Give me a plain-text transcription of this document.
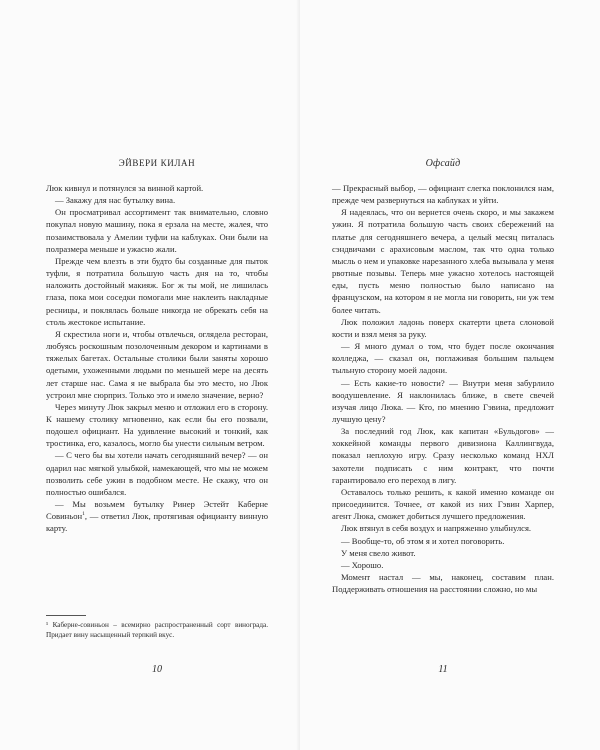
ЭЙВЕРИ КИЛАН

Люк кивнул и потянулся за винной картой.

— Закажу для нас бутылку вина.

Он просматривал ассортимент так внимательно, словно покупал новую машину, пока я ерзала на месте, жалея, что позаимствовала у Амелии туфли на каблуках. Они были на полразмера меньше и ужасно жали.

Прежде чем влезть в эти будто бы созданные для пыток туфли, я потратила большую часть дня на то, чтобы наложить достойный макияж. Бог ж ты мой, не лишилась глаза, пока мои соседки помогали мне наклеить накладные ресницы, и поклялась больше никогда не обрекать себя на столь жестокое испытание.

Я скрестила ноги и, чтобы отвлечься, оглядела ресторан, любуясь роскошным позолоченным декором и картинами в тяжелых багетах. Остальные столики были заняты хорошо одетыми, ухоженными людьми по меньшей мере на десять лет старше нас. Сама я не выбрала бы это место, но Люк устроил мне сюрприз. Только это и имело значение, верно?

Через минуту Люк закрыл меню и отложил его в сторону. К нашему столику мгновенно, как если бы его позвали, подошел официант. На удивление высокий и тонкий, как тростинка, его, казалось, могло бы унести сильным ветром.

— С чего бы вы хотели начать сегодняшний вечер? — он одарил нас мягкой улыбкой, намекающей, что мы не можем позволить себе ужин в подобном месте. Не скажу, что он полностью ошибался.

— Мы возьмем бутылку Ринер Эстейт Каберне Совиньон$^1$, — ответил Люк, протягивая официанту винную карту.

¹ Каберне-совиньон – всемирно распространенный сорт винограда. Придает вину насыщенный терпкий вкус.

10
Офсайд

— Прекрасный выбор, — официант слегка поклонился нам, прежде чем развернуться на каблуках и уйти.

Я надеялась, что он вернется очень скоро, и мы закажем ужин. Я потратила большую часть своих сбережений на платье для сегодняшнего вечера, а целый месяц питалась сэндвичами с арахисовым маслом, так что одна только мысль о нем и упаковке нарезанного хлеба вызывала у меня рвотные позывы. Теперь мне ужасно хотелось настоящей еды, пусть меню полностью было написано на французском, на котором я не могла ни говорить, ни уж тем более читать.

Люк положил ладонь поверх скатерти цвета слоновой кости и взял меня за руку.

— Я много думал о том, что будет после окончания колледжа, — сказал он, поглаживая большим пальцем тыльную сторону моей ладони.

— Есть какие-то новости? — Внутри меня забурлило воодушевление. Я наклонилась ближе, в свете свечей изучая лицо Люка. — Кто, по мнению Гэвина, предложит лучшую цену?

За последний год Люк, как капитан «Бульдогов» — хоккейной команды первого дивизиона Каллингвуда, показал неплохую игру. Сразу несколько команд НХЛ захотели подписать с ним контракт, что почти гарантировало его переход в лигу.

Оставалось только решить, к какой именно команде он присоединится. Точнее, от какой из них Гэвин Харпер, агент Люка, сможет добиться лучшего предложения.

Люк втянул в себя воздух и напряженно улыбнулся.

— Вообще-то, об этом я и хотел поговорить.

У меня свело живот.

— Хорошо.

Момент настал — мы, наконец, составим план. Поддерживать отношения на расстоянии сложно, но мы

11
